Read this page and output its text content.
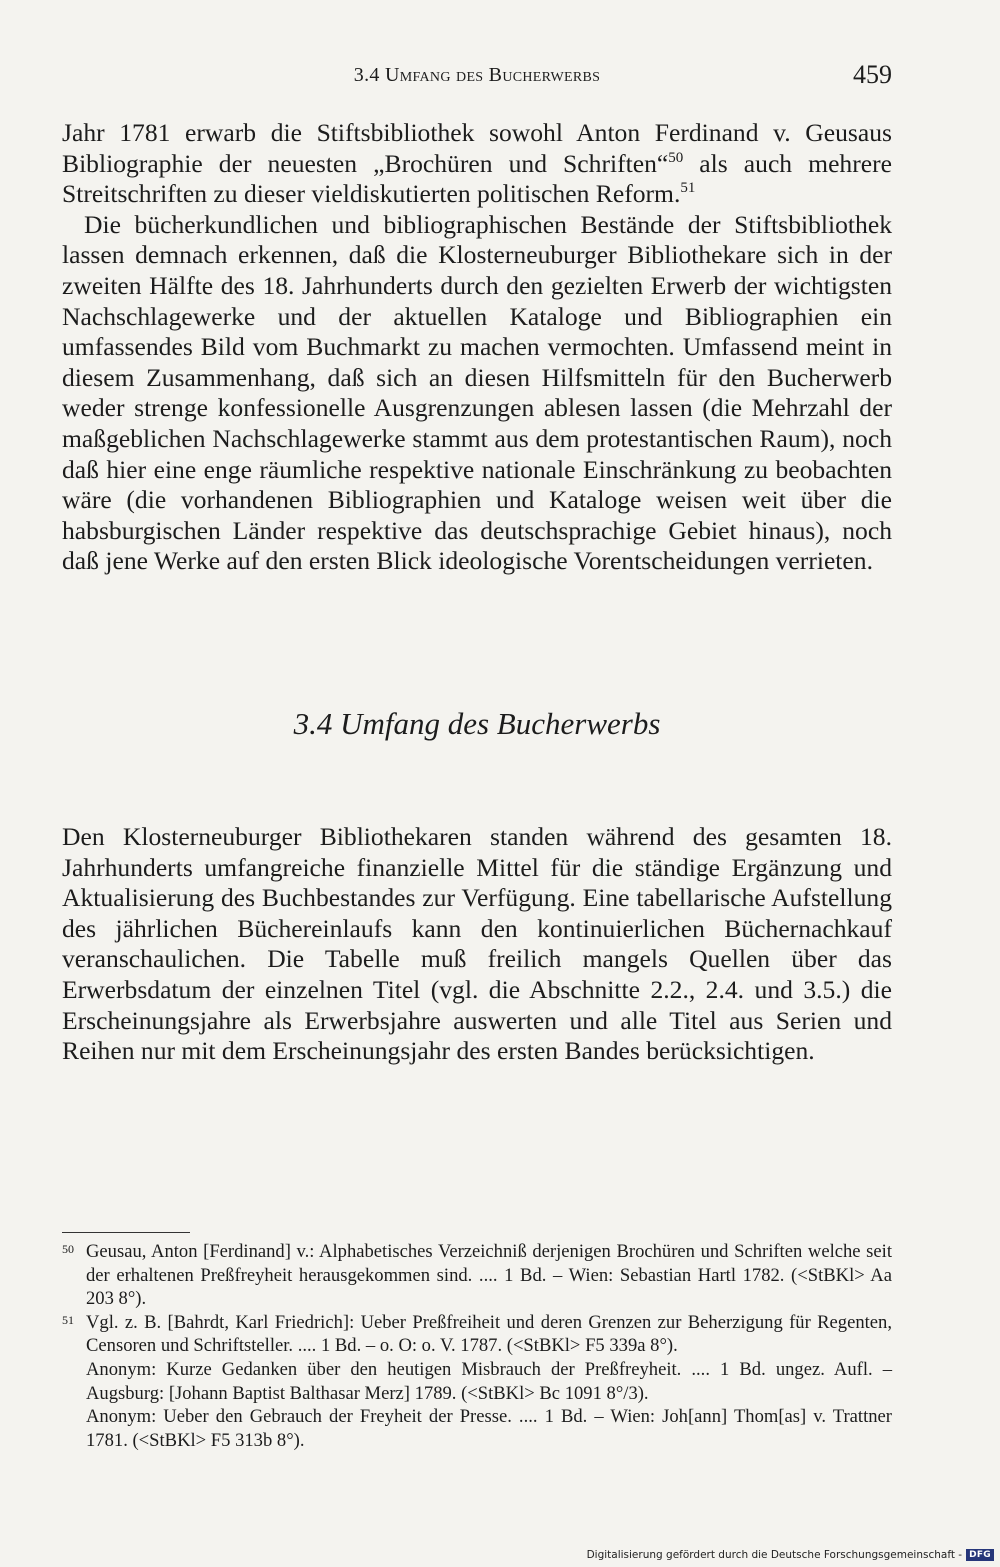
3.4 Umfang des Bucherwerbs	459

Jahr 1781 erwarb die Stiftsbibliothek sowohl Anton Ferdinand v. Geusaus Bibliographie der neuesten „Brochüren und Schriften“$^{50}$ als auch mehrere Streitschriften zu dieser vieldiskutierten politischen Reform.$^{51}$

Die bücherkundlichen und bibliographischen Bestände der Stiftsbibliothek lassen demnach erkennen, daß die Klosterneuburger Bibliothekare sich in der zweiten Hälfte des 18. Jahrhunderts durch den gezielten Erwerb der wichtigsten Nachschlagewerke und der aktuellen Kataloge und Bibliographien ein umfassendes Bild vom Buchmarkt zu machen vermochten. Umfassend meint in diesem Zusammenhang, daß sich an diesen Hilfsmitteln für den Bucherwerb weder strenge konfessionelle Ausgrenzungen ablesen lassen (die Mehrzahl der maßgeblichen Nachschlagewerke stammt aus dem protestantischen Raum), noch daß hier eine enge räumliche respektive nationale Einschränkung zu beobachten wäre (die vorhandenen Bibliographien und Kataloge weisen weit über die habsburgischen Länder respektive das deutschsprachige Gebiet hinaus), noch daß jene Werke auf den ersten Blick ideologische Vorentscheidungen verrieten.

3.4 Umfang des Bucherwerbs

Den Klosterneuburger Bibliothekaren standen während des gesamten 18. Jahrhunderts umfangreiche finanzielle Mittel für die ständige Ergänzung und Aktualisierung des Buchbestandes zur Verfügung. Eine tabellarische Aufstellung des jährlichen Büchereinlaufs kann den kontinuierlichen Büchernachkauf veranschaulichen. Die Tabelle muß freilich mangels Quellen über das Erwerbsdatum der einzelnen Titel (vgl. die Abschnitte 2.2., 2.4. und 3.5.) die Erscheinungsjahre als Erwerbsjahre auswerten und alle Titel aus Serien und Reihen nur mit dem Erscheinungsjahr des ersten Bandes berücksichtigen.

50 Geusau, Anton [Ferdinand] v.: Alphabetisches Verzeichniß derjenigen Brochüren und Schriften welche seit der erhaltenen Preßfreyheit herausgekommen sind. .... 1 Bd. – Wien: Sebastian Hartl 1782. (<StBKl> Aa 203 8°).

51 Vgl. z. B. [Bahrdt, Karl Friedrich]: Ueber Preßfreiheit und deren Grenzen zur Beherzigung für Regenten, Censoren und Schriftsteller. .... 1 Bd. – o. O: o. V. 1787. (<StBKl> F5 339a 8°).

Anonym: Kurze Gedanken über den heutigen Misbrauch der Preßfreyheit. .... 1 Bd. ungez. Aufl. – Augsburg: [Johann Baptist Balthasar Merz] 1789. (<StBKl> Bc 1091 8°/3).

Anonym: Ueber den Gebrauch der Freyheit der Presse. .... 1 Bd. – Wien: Joh[ann] Thom[as] v. Trattner 1781. (<StBKl> F5 313b 8°).

Digitalisierung gefördert durch die Deutsche Forschungsgemeinschaft - DFG
